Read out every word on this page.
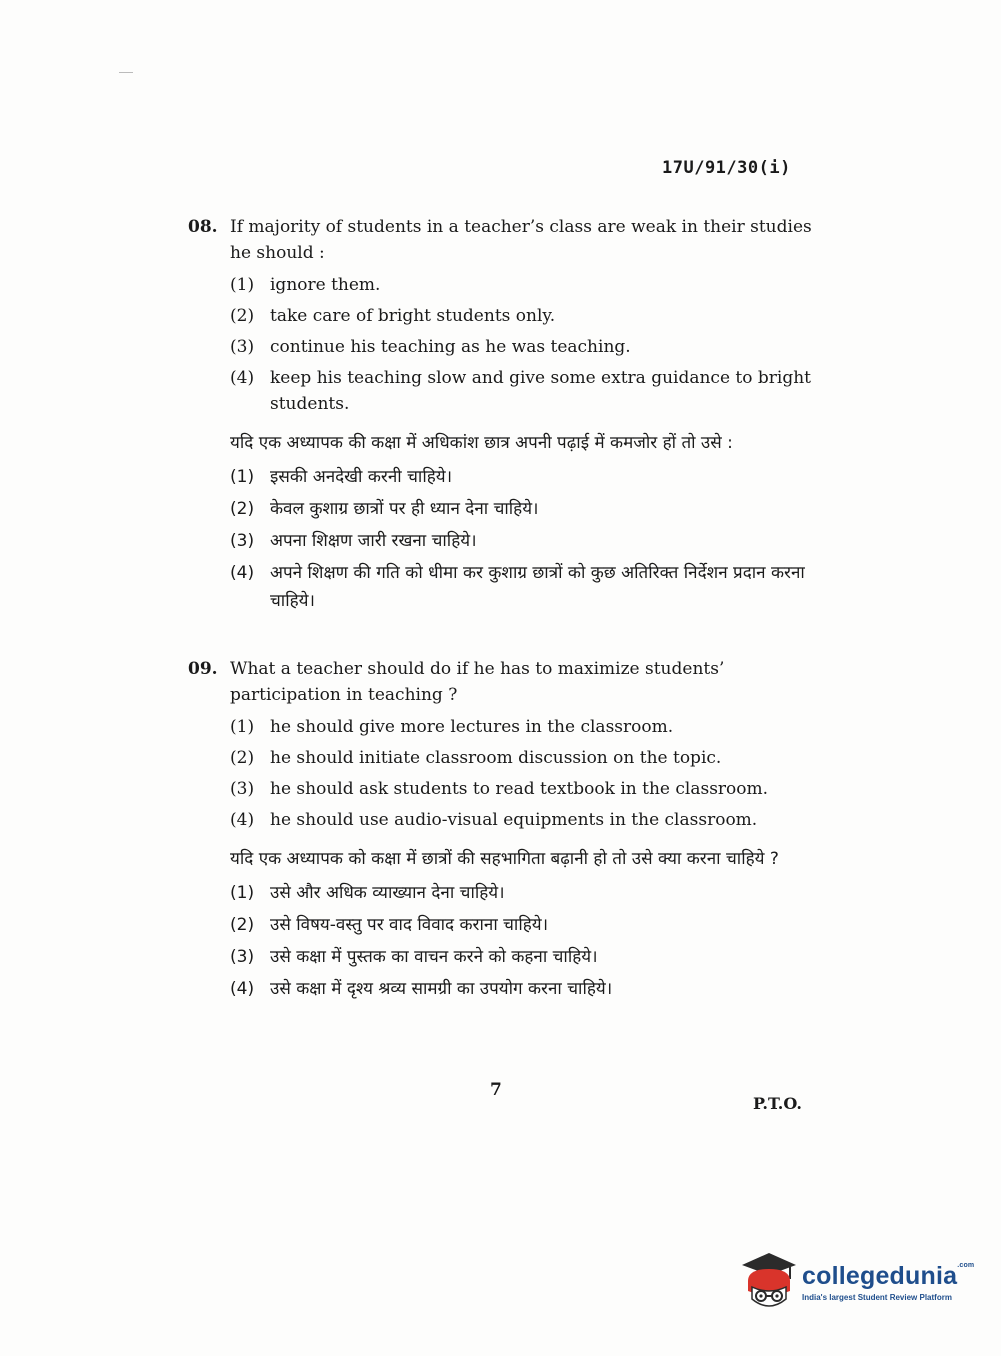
17U/91/30(i)
08. If majority of students in a teacher’s class are weak in their studies he should :
(1) ignore them.
(2) take care of bright students only.
(3) continue his teaching as he was teaching.
(4) keep his teaching slow and give some extra guidance to bright students.
यदि एक अध्यापक की कक्षा में अधिकांश छात्र अपनी पढ़ाई में कमजोर हों तो उसे :
(1) इसकी अनदेखी करनी चाहिये।
(2) केवल कुशाग्र छात्रों पर ही ध्यान देना चाहिये।
(3) अपना शिक्षण जारी रखना चाहिये।
(4) अपने शिक्षण की गति को धीमा कर कुशाग्र छात्रों को कुछ अतिरिक्त निर्देशन प्रदान करना चाहिये।
09. What a teacher should do if he has to maximize students’ participation in teaching ?
(1) he should give more lectures in the classroom.
(2) he should initiate classroom discussion on the topic.
(3) he should ask students to read textbook in the classroom.
(4) he should use audio-visual equipments in the classroom.
यदि एक अध्यापक को कक्षा में छात्रों की सहभागिता बढ़ानी हो तो उसे क्या करना चाहिये ?
(1) उसे और अधिक व्याख्यान देना चाहिये।
(2) उसे विषय-वस्तु पर वाद विवाद कराना चाहिये।
(3) उसे कक्षा में पुस्तक का वाचन करने को कहना चाहिये।
(4) उसे कक्षा में दृश्य श्रव्य सामग्री का उपयोग करना चाहिये।
7
P.T.O.
collegedunia$^{.com}$
India's largest Student Review Platform
